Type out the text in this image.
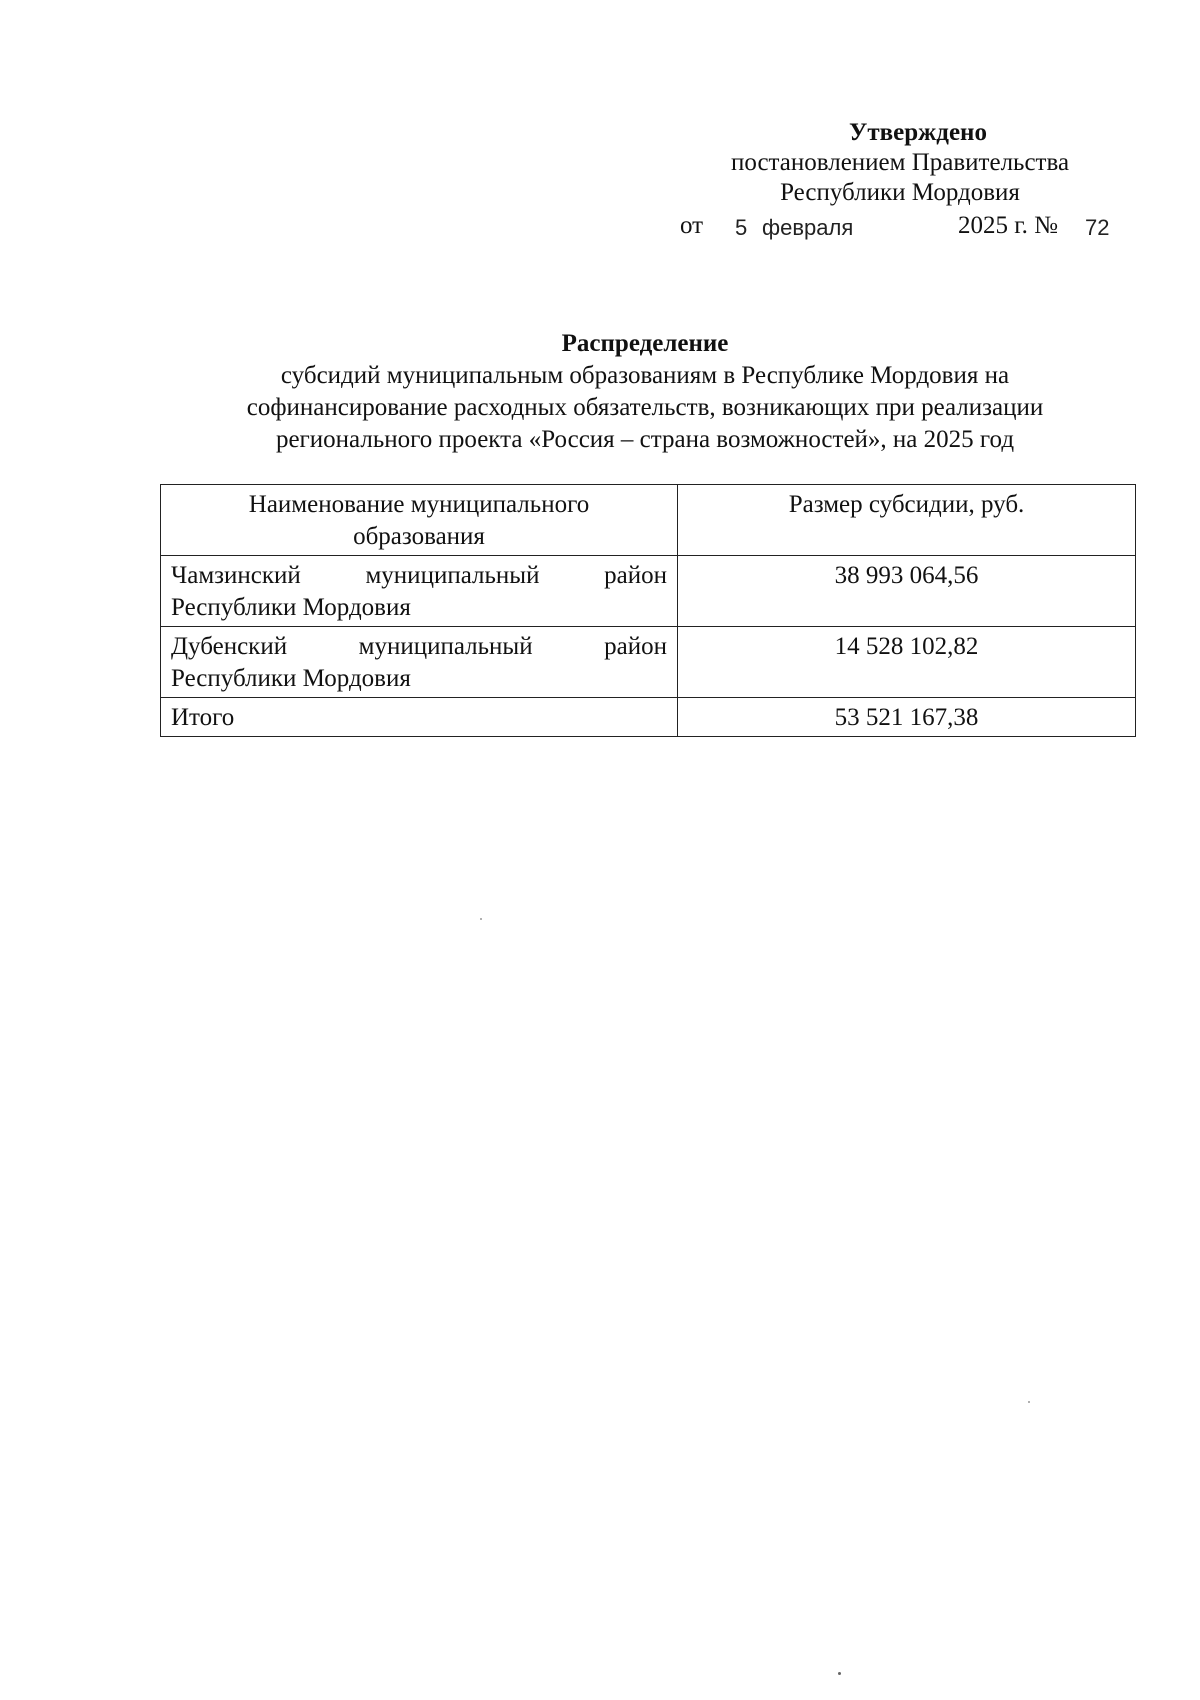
Утверждено
постановлением Правительства
Республики Мордовия
от 5 февраля	2025 г. № 72
Распределение
субсидий муниципальным образованиям в Республике Мордовия на
софинансирование расходных обязательств, возникающих при реализации
регионального проекта «Россия – страна возможностей», на 2025 год
Наименование муниципального
образования	Размер субсидии, руб.

Чамзинский муниципальный район
Республики Мордовия	38 993 064,56

Дубенский муниципальный район
Республики Мордовия	14 528 102,82
Итого	53 521 167,38
